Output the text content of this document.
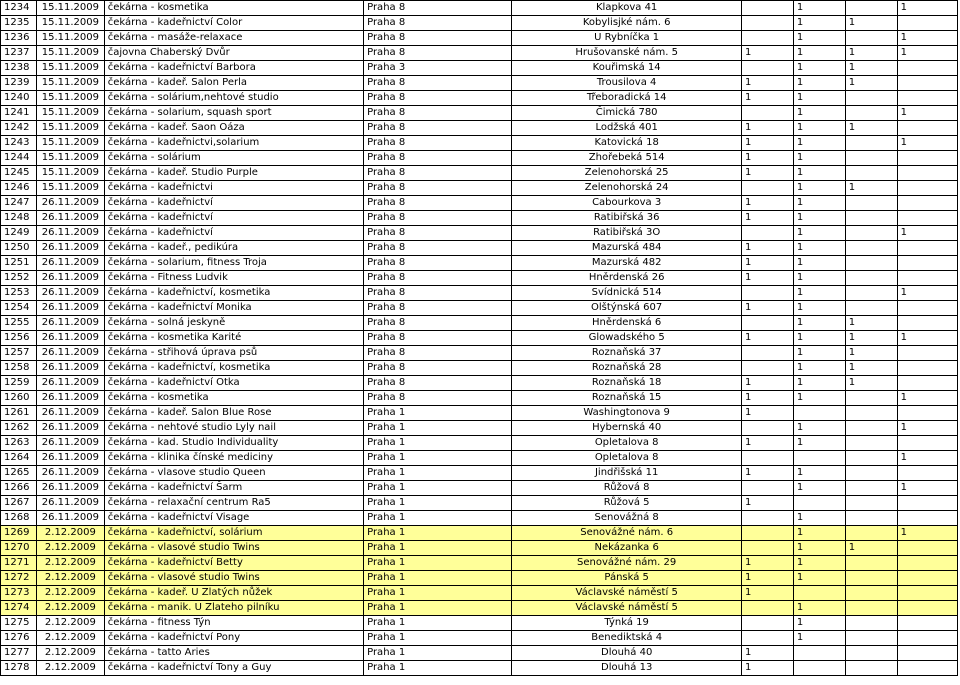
1234	15.11.2009	čekárna - kosmetika	Praha 8	Klapkova 41		1		1
1235	15.11.2009	čekárna - kadeřnictví Color	Praha 8	Kobylisjké nám. 6		1	1	
1236	15.11.2009	čekárna - masáže-relaxace	Praha 8	U Rybníčka 1		1		1
1237	15.11.2009	čajovna Chaberský Dvůr	Praha 8	Hrušovanské nám. 5	1	1	1	1
1238	15.11.2009	čekárna - kadeřnictví Barbora	Praha 3	Kouřimská 14		1	1	
1239	15.11.2009	čekárna - kadeř. Salon Perla	Praha 8	Trousilova 4	1	1	1	
1240	15.11.2009	čekárna - solárium,nehtové studio	Praha 8	Třeboradická 14	1	1		
1241	15.11.2009	čekárna - solarium, squash sport	Praha 8	Čimická 780		1		1
1242	15.11.2009	čekárna - kadeř. Saon Oáza	Praha 8	Lodžská 401	1	1	1	
1243	15.11.2009	čekárna - kadeřnictvi,solarium	Praha 8	Katovická 18	1	1		1
1244	15.11.2009	čekárna - solárium	Praha 8	Zhořebeká 514	1	1		
1245	15.11.2009	čekárna - kadeř. Studio Purple	Praha 8	Zelenohorská 25	1	1		
1246	15.11.2009	čekárna - kadeřnictvi	Praha 8	Zelenohorská 24		1	1	
1247	26.11.2009	čekárna - kadeřnictví	Praha 8	Cabourkova 3	1	1		
1248	26.11.2009	čekárna - kadeřnictví	Praha 8	Ratibiřská 36	1	1		
1249	26.11.2009	čekárna - kadeřnictví	Praha 8	Ratibiřská 3O		1		1
1250	26.11.2009	čekárna - kadeř., pedikúra	Praha 8	Mazurská 484	1	1		
1251	26.11.2009	čekárna - solarium, fitness Troja	Praha 8	Mazurská 482	1	1		
1252	26.11.2009	čekárna - Fitness Ludvik	Praha 8	Hněrdenská 26	1	1		
1253	26.11.2009	čekárna - kadeřnictví, kosmetika	Praha 8	Svídnická 514		1		1
1254	26.11.2009	čekárna - kadeřnictví Monika	Praha 8	Olštýnská 607	1	1		
1255	26.11.2009	čekárna - solná jeskyně	Praha 8	Hněrdenská 6		1	1	
1256	26.11.2009	čekárna - kosmetika Karité	Praha 8	Glowadského 5	1	1	1	1
1257	26.11.2009	čekárna - střihová úprava psů	Praha 8	Roznaňská 37		1	1	
1258	26.11.2009	čekárna - kadeřnictví, kosmetika	Praha 8	Roznaňská 28		1	1	
1259	26.11.2009	čekárna - kadeřnictví Otka	Praha 8	Roznaňská 18	1	1	1	
1260	26.11.2009	čekárna - kosmetika	Praha 8	Roznaňská 15	1	1		1
1261	26.11.2009	čekárna - kadeř. Salon Blue Rose	Praha 1	Washingtonova 9	1			
1262	26.11.2009	čekárna - nehtové studio Lyly nail	Praha 1	Hybernská 40		1		1
1263	26.11.2009	čekárna - kad. Studio Individuality	Praha 1	Opletalova 8	1	1		
1264	26.11.2009	čekárna - klinika čínské mediciny	Praha 1	Opletalova 8				1
1265	26.11.2009	čekárna - vlasove studio Queen	Praha 1	Jindřišská 11	1	1		
1266	26.11.2009	čekárna - kadeřnictví Šarm	Praha 1	Růžová 8		1		1
1267	26.11.2009	čekárna - relaxační centrum Ra5	Praha 1	Růžová 5	1			
1268	26.11.2009	čekárna - kadeřnictví Visage	Praha 1	Senovážná 8		1		
1269	2.12.2009	čekárna - kadeřnictví, solárium	Praha 1	Senovážné nám. 6		1		1
1270	2.12.2009	čekárna - vlasové studio Twins	Praha 1	Nekázanka 6		1	1	
1271	2.12.2009	čekárna - kadeřnictví Betty	Praha 1	Senovážné nám. 29	1	1		
1272	2.12.2009	čekárna - vlasové studio Twins	Praha 1	Pánská 5	1	1		
1273	2.12.2009	čekárna - kadeř. U Zlatých nůžek	Praha 1	Václavské náměstí 5	1			
1274	2.12.2009	čekárna - manik. U Zlateho pilníku	Praha 1	Václavské náměstí 5		1		
1275	2.12.2009	čekárna - fitness Týn	Praha 1	Týnká 19		1		
1276	2.12.2009	čekárna - kadeřnictví Pony	Praha 1	Benediktská 4		1		
1277	2.12.2009	čekárna - tatto Aries	Praha 1	Dlouhá 40	1			
1278	2.12.2009	čekárna - kadeřnictví Tony a Guy	Praha 1	Dlouhá 13	1			
